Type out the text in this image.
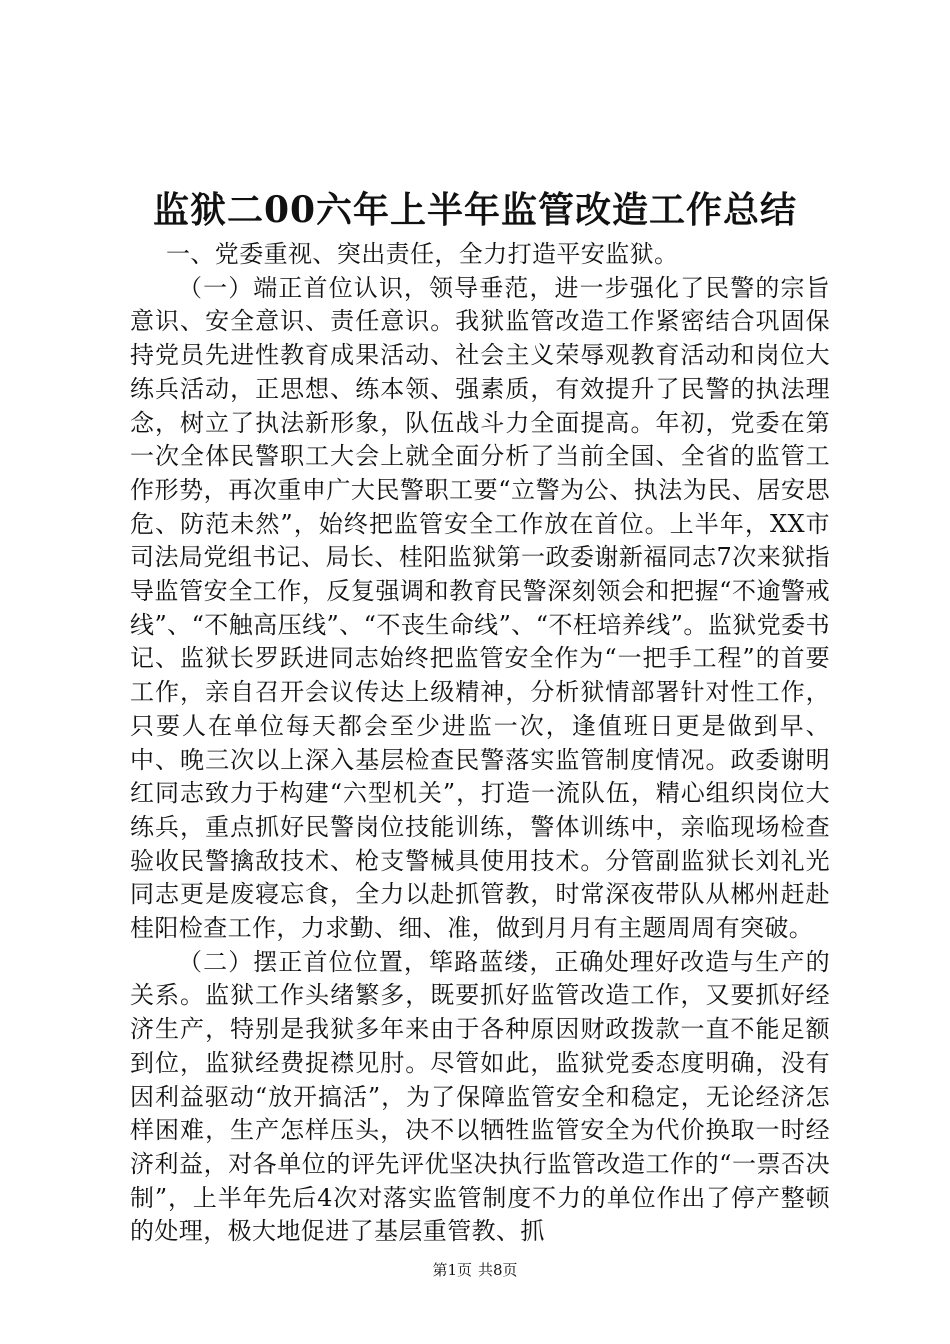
监狱二00六年上半年监管改造工作总结

一、党委重视、突出责任，全力打造平安监狱。

（一）端正首位认识，领导垂范，进一步强化了民警的宗旨意识、安全意识、责任意识。我狱监管改造工作紧密结合巩固保持党员先进性教育成果活动、社会主义荣辱观教育活动和岗位大练兵活动，正思想、练本领、强素质，有效提升了民警的执法理念，树立了执法新形象，队伍战斗力全面提高。年初，党委在第一次全体民警职工大会上就全面分析了当前全国、全省的监管工作形势，再次重申广大民警职工要“立警为公、执法为民、居安思危、防范未然”，始终把监管安全工作放在首位。上半年，XX市司法局党组书记、局长、桂阳监狱第一政委谢新福同志7次来狱指导监管安全工作，反复强调和教育民警深刻领会和把握“不逾警戒线”、“不触高压线”、“不丧生命线”、“不枉培养线”。监狱党委书记、监狱长罗跃进同志始终把监管安全作为“一把手工程”的首要工作，亲自召开会议传达上级精神，分析狱情部署针对性工作，只要人在单位每天都会至少进监一次，逢值班日更是做到早、中、晚三次以上深入基层检查民警落实监管制度情况。政委谢明红同志致力于构建“六型机关”，打造一流队伍，精心组织岗位大练兵，重点抓好民警岗位技能训练，警体训练中，亲临现场检查验收民警擒敌技术、枪支警械具使用技术。分管副监狱长刘礼光同志更是废寝忘食，全力以赴抓管教，时常深夜带队从郴州赶赴桂阳检查工作，力求勤、细、准，做到月月有主题周周有突破。

（二）摆正首位位置，筚路蓝缕，正确处理好改造与生产的关系。监狱工作头绪繁多，既要抓好监管改造工作，又要抓好经济生产，特别是我狱多年来由于各种原因财政拨款一直不能足额到位，监狱经费捉襟见肘。尽管如此，监狱党委态度明确，没有因利益驱动“放开搞活”，为了保障监管安全和稳定，无论经济怎样困难，生产怎样压头，决不以牺牲监管安全为代价换取一时经济利益，对各单位的评先评优坚决执行监管改造工作的“一票否决制”，上半年先后4次对落实监管制度不力的单位作出了停产整顿的处理，极大地促进了基层重管教、抓

第1页 共8页
